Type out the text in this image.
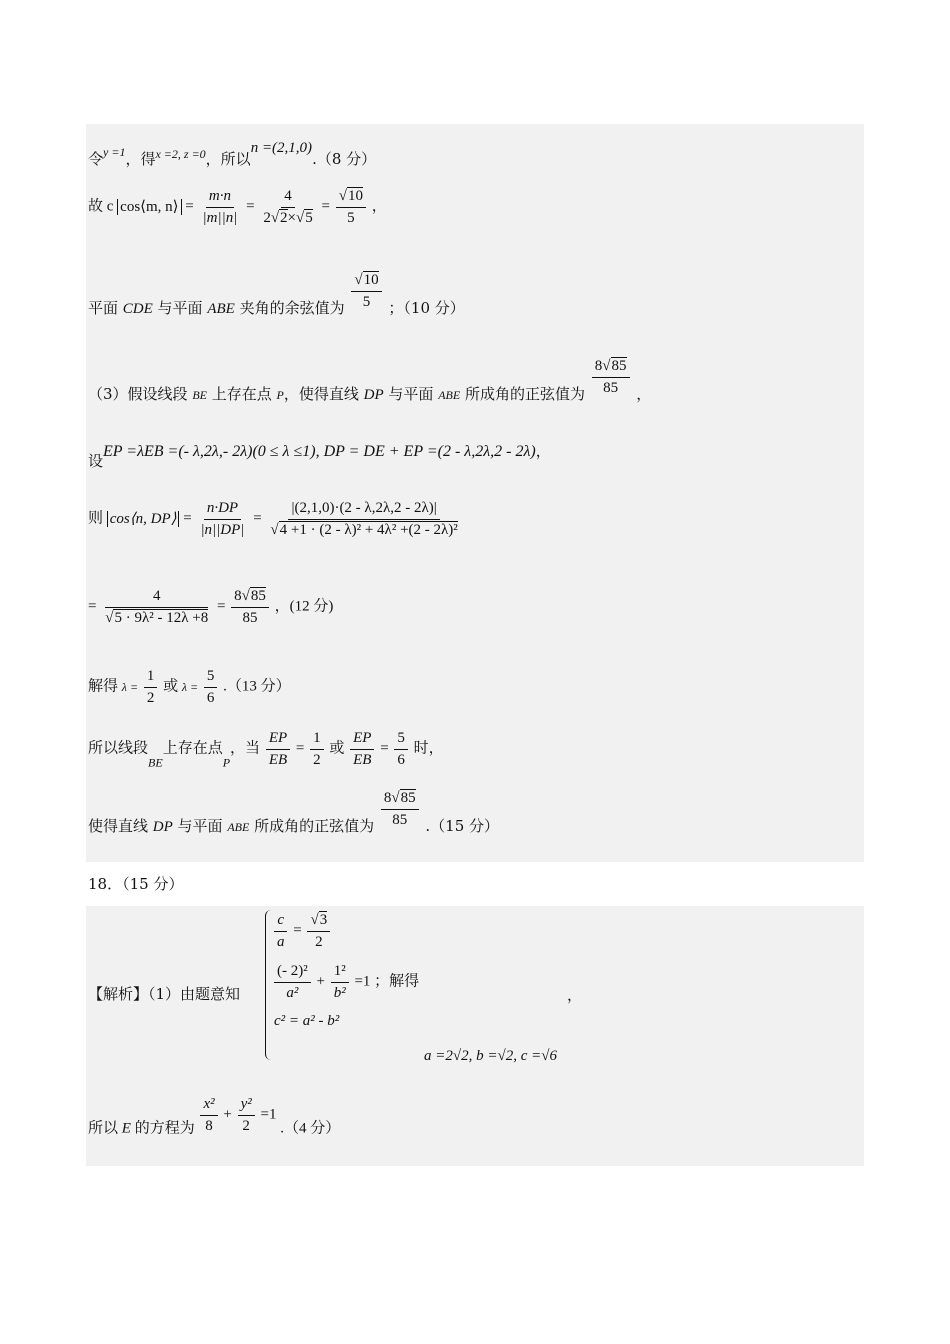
令$^{y =1}$，得$^{x =2, z =0}$，所以n =(2,1,0).（8 分）
故 c cos⟨m, n⟩ = $\frac{m\cdot n}{|m||n|} = \frac{4}{2√2\times√5} = \frac{√10}{5}$ ，
平面 CDE 与平面 ABE 夹角的余弦值为 $\frac{√10}{5}$ ；（10 分）
（3）假设线段 $_{BE}$ 上存在点 $_P$，使得直线 DP 与平面 $_{ABE}$ 所成角的正弦值为 $\frac{8√85}{85}$ ，
设EP =λEB =(- λ,2λ,- 2λ)(0 ≤ λ ≤1), DP = DE + EP =(2 - λ,2λ,2 - 2λ)，
则 cos⟨n, DP⟩ = $\frac{n\cdot DP}{|n||DP|} = \frac{|(2,1,0)\cdot(2 - \lambda,2\lambda,2 - 2\lambda)|}{\text{√4 +1 · (2 - λ)² + 4λ² +(2 - 2λ)²}}$
= $\frac{4}{\text{√5 · 9λ² - 12λ +8}} = \frac{8√85}{85}$ ，(12 分)
解得 $\lambda = \frac{1}{2}$ 或 $\lambda = \frac{5}{6} .(13$ 分）
所以线段$_{BE}$上存在点$_P$，当 $\frac{EP}{EB} = \frac{1}{2}$ 或 $\frac{EP}{EB} = \frac{5}{6}$ 时，
使得直线 DP 与平面 $_{ABE}$ 所成角的正弦值为 $\frac{8√85}{85} .(15$ 分）
18．（15 分）
【解析】（1）由题意知
$\frac{c}{a} = \frac{√3}{2}$
$\frac{\text{(- 2)²}}{\text{a²}} + \frac{\text{1²}}{\text{b²}} =1$ ；解得
c² = a² - b²
，
a =2√2, b =√2, c =√6
所以 E 的方程为 $\frac{\text{x²}}{8} + \frac{\text{y²}}{2} =1$ .（4 分）
